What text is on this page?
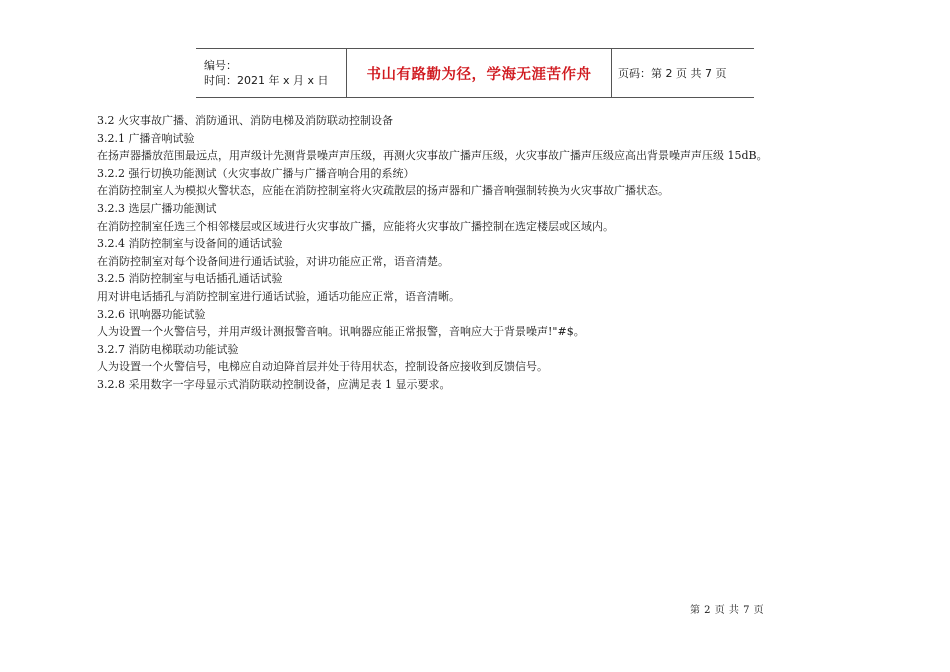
编号：
时间：2021 年 x 月 x 日	书山有路勤为径，学海无涯苦作舟 页码：第 2 页 共 7 页
3.2 火灾事故广播、消防通讯、消防电梯及消防联动控制设备
3.2.1 广播音响试验
在扬声器播放范围最远点，用声级计先测背景噪声声压级，再测火灾事故广播声压级，火灾事故广播声压级应高出背景噪声声压级 15dB。
3.2.2 强行切换功能测试（火灾事故广播与广播音响合用的系统）
在消防控制室人为模拟火警状态，应能在消防控制室将火灾疏散层的扬声器和广播音响强制转换为火灾事故广播状态。
3.2.3 选层广播功能测试
在消防控制室任选三个相邻楼层或区域进行火灾事故广播，应能将火灾事故广播控制在选定楼层或区域内。
3.2.4 消防控制室与设备间的通话试验
在消防控制室对每个设备间进行通话试验，对讲功能应正常，语音清楚。
3.2.5 消防控制室与电话插孔通话试验
用对讲电话插孔与消防控制室进行通话试验，通话功能应正常，语音清晰。
3.2.6 讯响器功能试验
人为设置一个火警信号，并用声级计测报警音响。讯响器应能正常报警，音响应大于背景噪声!"#$。
3.2.7 消防电梯联动功能试验
人为设置一个火警信号，电梯应自动迫降首层并处于待用状态，控制设备应接收到反馈信号。
3.2.8 采用数字一字母显示式消防联动控制设备，应满足表 1 显示要求。
第 2 页 共 7 页
